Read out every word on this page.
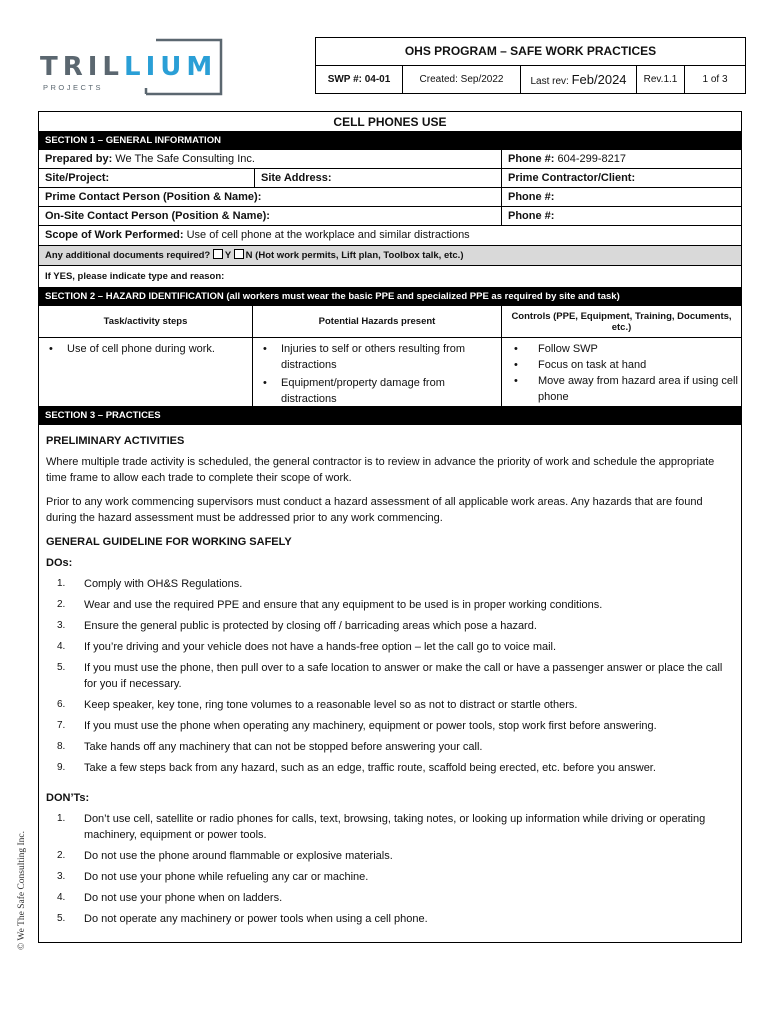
TRILLIUM
PROJECTS
OHS PROGRAM – SAFE WORK PRACTICES
SWP #: 04-01	Created: Sep/2022	Last rev: Feb/2024	Rev.1.1	1 of 3
CELL PHONES USE
SECTION 1 – GENERAL INFORMATION
Prepared by: We The Safe Consulting Inc.	Phone #: 604-299-8217
Site/Project:	Site Address:	Prime Contractor/Client:
Prime Contact Person (Position & Name):	Phone #:
On-Site Contact Person (Position & Name):	Phone #:
Scope of Work Performed: Use of cell phone at the workplace and similar distractions
Any additional documents required? Y N (Hot work permits, Lift plan, Toolbox talk, etc.)
If YES, please indicate type and reason:
SECTION 2 – HAZARD IDENTIFICATION (all workers must wear the basic PPE and specialized PPE as required by site and task)
Task/activity steps	Potential Hazards present	Controls (PPE, Equipment, Training, Documents, etc.)
• Use of cell phone during work.
•	Injuries to self or others resulting from distractions
• Equipment/property damage from distractions
• Follow SWP
• Focus on task at hand
• Move away from hazard area if using cell phone
SECTION 3 – PRACTICES
PRELIMINARY ACTIVITIES

Where multiple trade activity is scheduled, the general contractor is to review in advance the priority of work and schedule the appropriate time frame to allow each trade to complete their scope of work.

Prior to any work commencing supervisors must conduct a hazard assessment of all applicable work areas. Any hazards that are found during the hazard assessment must be addressed prior to any work commencing.

GENERAL GUIDELINE FOR WORKING SAFELY
DOs:
1. Comply with OH&S Regulations.
2. Wear and use the required PPE and ensure that any equipment to be used is in proper working conditions.
3. Ensure the general public is protected by closing off / barricading areas which pose a hazard.
4. If you’re driving and your vehicle does not have a hands-free option – let the call go to voice mail.
5. If you must use the phone, then pull over to a safe location to answer or make the call or have a passenger answer or place the call for you if necessary.
6. Keep speaker, key tone, ring tone volumes to a reasonable level so as not to distract or startle others.
7. If you must use the phone when operating any machinery, equipment or power tools, stop work first before answering.
8. Take hands off any machinery that can not be stopped before answering your call.
9. Take a few steps back from any hazard, such as an edge, traffic route, scaffold being erected, etc. before you answer.
DON’Ts:
1. Don’t use cell, satellite or radio phones for calls, text, browsing, taking notes, or looking up information while driving or operating machinery, equipment or power tools.
2. Do not use the phone around flammable or explosive materials.
3. Do not use your phone while refueling any car or machine.
4. Do not use your phone when on ladders.
5. Do not operate any machinery or power tools when using a cell phone.
© We The Safe Consulting Inc.
